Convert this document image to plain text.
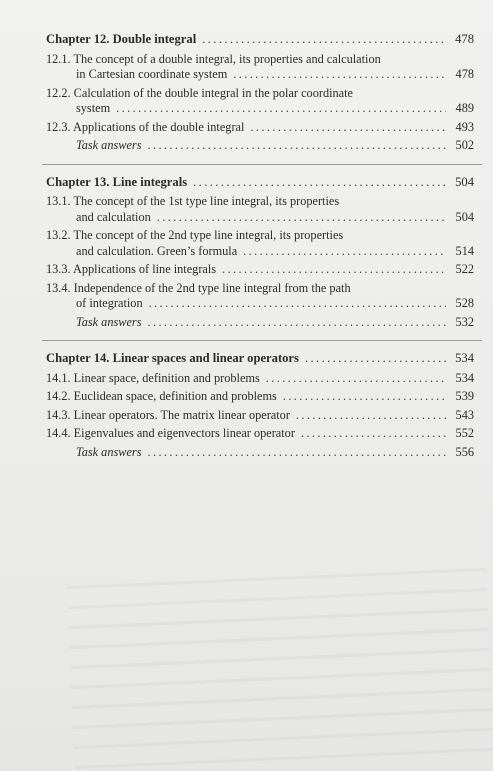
Chapter 12. Double integral .....	478
12.1. The concept of a double integral, its properties and calculation
in Cartesian coordinate system .....	478
12.2. Calculation of the double integral in the polar coordinate
system .....	489
12.3. Applications of the double integral .....	493
Task answers .....	502
Chapter 13. Line integrals .....	504
13.1. The concept of the 1st type line integral, its properties
and calculation .....	504
13.2. The concept of the 2nd type line integral, its properties
and calculation. Green’s formula .....	514
13.3. Applications of line integrals .....	522
13.4. Independence of the 2nd type line integral from the path
of integration .....	528
Task answers .....	532
Chapter 14. Linear spaces and linear operators .....	534
14.1. Linear space, definition and problems .....	534
14.2. Euclidean space, definition and problems .....	539
14.3. Linear operators. The matrix linear operator .....	543
14.4. Eigenvalues and eigenvectors linear operator .....	552
Task answers .....	556
